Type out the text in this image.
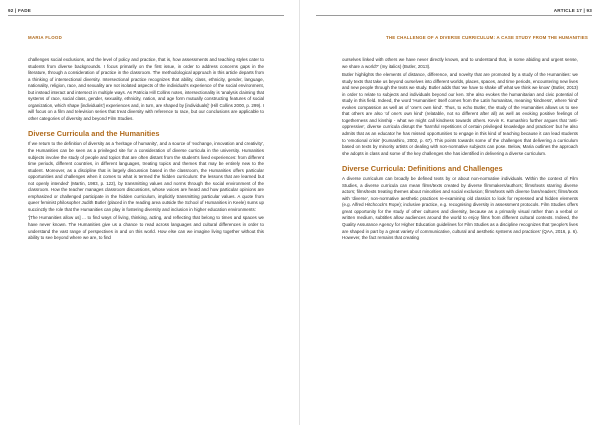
92 | FADE
MARIA FLOOD

challenges social exclusions, and the level of policy and practice, that is, how assessments and teaching styles cater to students from diverse backgrounds. I focus primarily on the first issue, in order to address concerns gaps in the literature, through a consideration of practice in the classroom. The methodological approach in this article departs from a thinking of intersectional diversity. Intersectional practice recognizes that ability, class, ethnicity, gender, language, nationality, religion, race, and sexuality are not isolated aspects of the individual's experience of the social environment, but instead interact and intersect in multiple ways. As Patricia Hill Collins notes, intersectionality is 'analysis claiming that systems of race, social class, gender, sexuality, ethnicity, nation, and age form mutually constructing features of social organization, which shape [individuals'] experiences and, in turn, are shaped by [individuals]' (Hill Collins 2000, p. 299). I will focus on a film and television series that treat diversity with reference to race, but our conclusions are applicable to other categories of diversity and beyond Film Studies.

Diverse Curricula and the Humanities

If we return to the definition of diversity as a 'heritage of humanity', and a source of 'exchange, innovation and creativity', the Humanities can be seen as a privileged site for a consideration of diverse curricula in the university. Humanities subjects involve the study of people and topics that are often distant from the student's lived experiences: from different time periods, different countries, in different languages, treating topics and themes that may be entirely new to the student. Moreover, as a discipline that is largely discussion based in the classroom, the Humanities offers particular opportunities and challenges when it comes to what is termed the hidden curriculum: the lessons that are learned but not openly intended' (Martin, 1983, p. 122), by transmitting values and norms through the social environment of the classroom. How the teacher manages classroom discussions, whose voices are heard and how particular opinions are emphasized or challenged participate in the hidden curriculum, implicitly transmitting particular values. A quote from queer feminist philosopher Judith Butler (placed in the reading area outside the School of Humanities in Keele) sums up succinctly the role that the Humanities can play in fostering diversity and inclusion in higher education environments:

'[The Humanities allow us] ... to find ways of living, thinking, acting, and reflecting that belong to times and spaces we have never known. The Humanities give us a chance to read across languages and cultural differences in order to understand the vast range of perspectives in and on this world. How else can we imagine living together without this ability to see beyond where we are, to find

ARTICLE 17 | 93
THE CHALLENGE OF A DIVERSE CURRICULUM: A CASE STUDY FROM THE HUMANITIES

ourselves linked with others we have never directly known, and to understand that, in some abiding and urgent sense, we share a world?' (my italics) (Butler, 2013).

Butler highlights the elements of distance, difference, and novelty that are promoted by a study of the Humanities: we study texts that take us beyond ourselves into different worlds, places, spaces, and time periods, encountering new lives and new people through the texts we study. Butler adds that 'we have to shake off what we think we know' (Butler, 2013) in order to relate to subjects and individuals beyond our ken. She also evokes the humanitarian and civic potential of study in this field. Indeed, the word 'Humanities' itself comes from the Latin humanitas, meaning 'kindness', where 'kind' evokes compassion as well as of 'one's own kind'. Thus, to echo Butler, the study of the Humanities allows us to see that others are also 'of one's own kind' (relatable, not so different after all) as well as evoking positive feelings of togetherness and kinship - what we might call kindness towards others. Kevin K. Kumashiro further argues that 'anti-oppressive', diverse curricula disrupt the 'harmful repetitions of certain privileged knowledge and practices' but he also admits that as an educator he has missed opportunities to engage in this kind of teaching because it can lead students to 'emotional crisis' (Kumashiro, 2002, p. 67). This points towards some of the challenges that delivering a curriculum based on texts by minority artists or dealing with non-normative subjects can pose. Below, Maria outlines the approach she adopts in class and some of the key challenges she has identified in delivering a diverse curriculum.

Diverse Curricula: Definitions and Challenges

A diverse curriculum can broadly be defined texts by or about non-normative individuals. Within the context of Film Studies, a diverse curricula can mean films/texts created by diverse filmmakers/authors; films/texts starring diverse actors; films/texts treating themes about minorities and social exclusion; films/texts with diverse fans/readers; films/texts with 'diverse', non-normative aesthetic practices re-examining old classics to look for repressed and hidden elements (e.g. Alfred Hitchcock's Rope); inclusive practice, e.g. recognising diversity in assessment protocols. Film Studies offers great opportunity for the study of other cultures and diversity, because as a primarily visual rather than a verbal or written medium, subtitles allow audiences around the world to enjoy films from different cultural contexts. Indeed, the Quality Assurance Agency for Higher Education guidelines for Film Studies as a discipline recognizes that 'people's lives are shaped in part by a great variety of communicative, cultural and aesthetic systems and practices' (QAA, 2016, p. 6). However, the fact remains that creating
